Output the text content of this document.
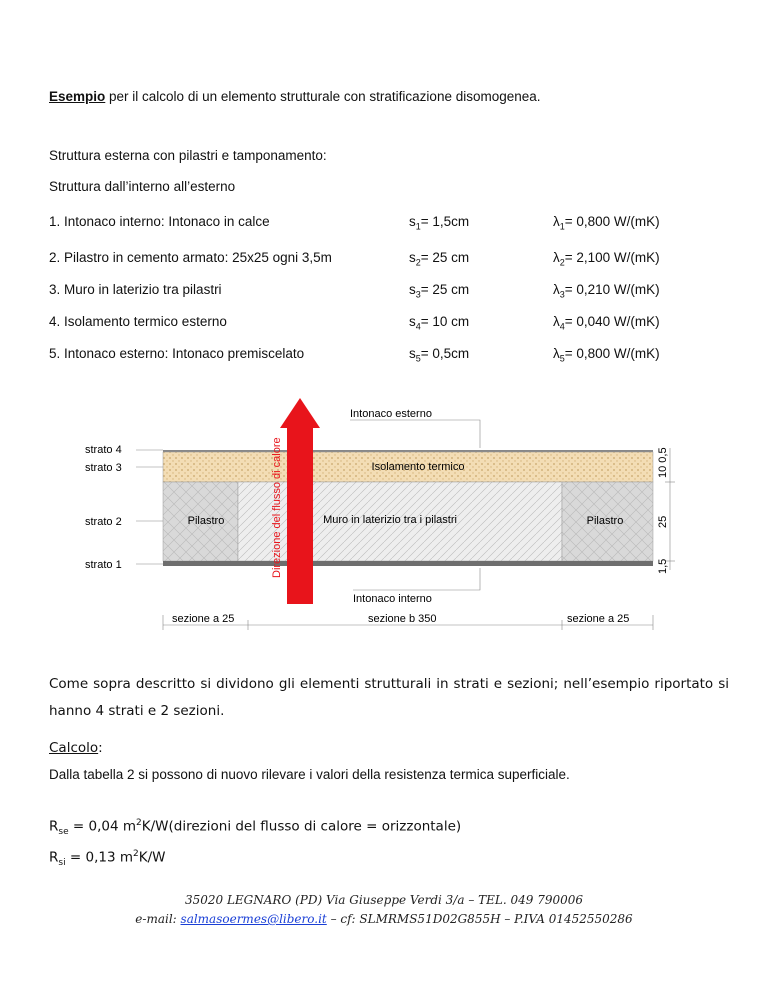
Esempio per il calcolo di un elemento strutturale con stratificazione disomogenea.
Struttura esterna con pilastri e tamponamento:
Struttura dall’interno all’esterno
1. Intonaco interno: Intonaco in calce	$s_1= 1,5cm$	$\lambda_1= 0,800$ W/(mK)
2. Pilastro in cemento armato: 25x25 ogni 3,5m	$s_2= 25$ cm	$\lambda_2= 2,100$ W/(mK)
3. Muro in laterizio tra pilastri	$s_3= 25$ cm	$\lambda_3= 0,210$ W/(mK)
4. Isolamento termico esterno	$s_4= 10$ cm	$\lambda_4= 0,040$ W/(mK)
5. Intonaco esterno: Intonaco premiscelato	$s_5= 0,5cm$	$\lambda_5= 0,800$ W/(mK)
strato 4
strato 3
strato 2
strato 1
Isolamento termico
Muro in laterizio tra i pilastri
Pilastro	Pilastro
Intonaco esterno
Intonaco interno
Direzione del flusso di calore	10 0,5
25
1,5
sezione a 25	sezione b 350	sezione a 25
Come sopra descritto si dividono gli elementi strutturali in strati e sezioni; nell’esempio riportato si hanno 4 strati e 2 sezioni.
Calcolo:
Dalla tabella 2 si possono di nuovo rilevare i valori della resistenza termica superficiale.
$R_{se} = 0,04$ $m^2K/W(direzioni$ del flusso di calore = orizzontale)
$R_{si} = 0,13$ $m^2K/W$
35020 LEGNARO (PD) Via Giuseppe Verdi 3/a – TEL. 049 790006
e-mail: salmasoermes@libero.it – cf: SLMRMS51D02G855H – P.IVA 01452550286
